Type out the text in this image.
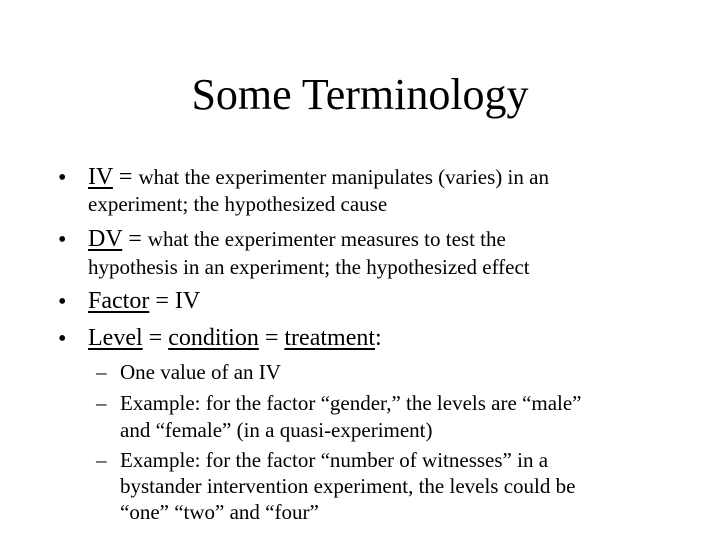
Some Terminology
• IV = what the experimenter manipulates (varies) in an
experiment; the hypothesized cause
• DV = what the experimenter measures to test the
hypothesis in an experiment; the hypothesized effect
• Factor = IV
• Level = condition = treatment:
– One value of an IV
– Example: for the factor “gender,” the levels are “male”
and “female” (in a quasi-experiment)
– Example: for the factor “number of witnesses” in a
bystander intervention experiment, the levels could be
“one” “two” and “four”
